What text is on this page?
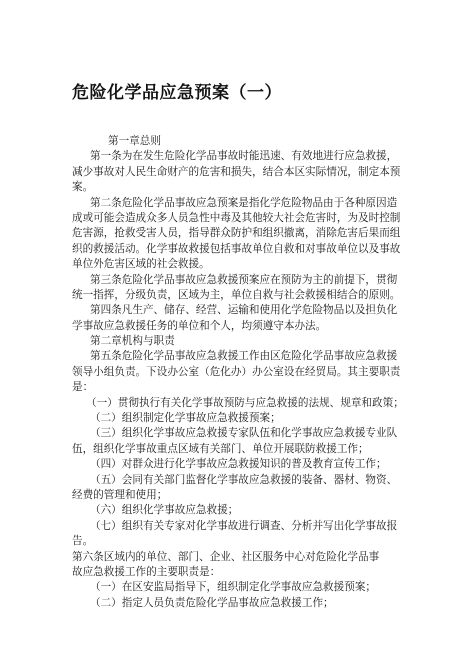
危险化学品应急预案（一）
第一章总则
第一条为在发生危险化学品事故时能迅速、有效地进行应急救援，
减少事故对人民生命财产的危害和损失，结合本区实际情况，制定本预
案。
第二条危险化学品事故应急预案是指化学危险物品由于各种原因造
成或可能会造成众多人员急性中毒及其他较大社会危害时，为及时控制
危害源，抢救受害人员，指导群众防护和组织撤离，消除危害后果而组
织的救援活动。化学事故救援包括事故单位自救和对事故单位以及事故
单位外危害区域的社会救援。
第三条危险化学品事故应急救援预案应在预防为主的前提下，贯彻
统一指挥，分级负责，区域为主，单位自救与社会救援相结合的原则。
第四条凡生产、储存、经营、运输和使用化学危险物品以及担负化
学事故应急救援任务的单位和个人，均须遵守本办法。
第二章机构与职责
第五条危险化学品事故应急救援工作由区危险化学品事故应急救援
领导小组负责。下设办公室（危化办）办公室设在经贸局。其主要职责
是：
（一）贯彻执行有关化学事故预防与应急救援的法规、规章和政策；
（二）组织制定化学事故应急救援预案；
（三）组织化学事故应急救援专家队伍和化学事故应急救援专业队
伍，组织化学事故重点区域有关部门、单位开展联防救援工作；
（四）对群众进行化学事故应急救援知识的普及教育宣传工作；
（五）会同有关部门监督化学事故应急救援的装备、器材、物资、
经费的管理和使用；
（六）组织化学事故应急救援；
（七）组织有关专家对化学事故进行调查、分析并写出化学事故报
告。
第六条区域内的单位、部门、企业、社区服务中心对危险化学品事
故应急救援工作的主要职责是：
（一）在区安监局指导下，组织制定化学事故应急救援预案；
（二）指定人员负责危险化学品事故应急救援工作；
